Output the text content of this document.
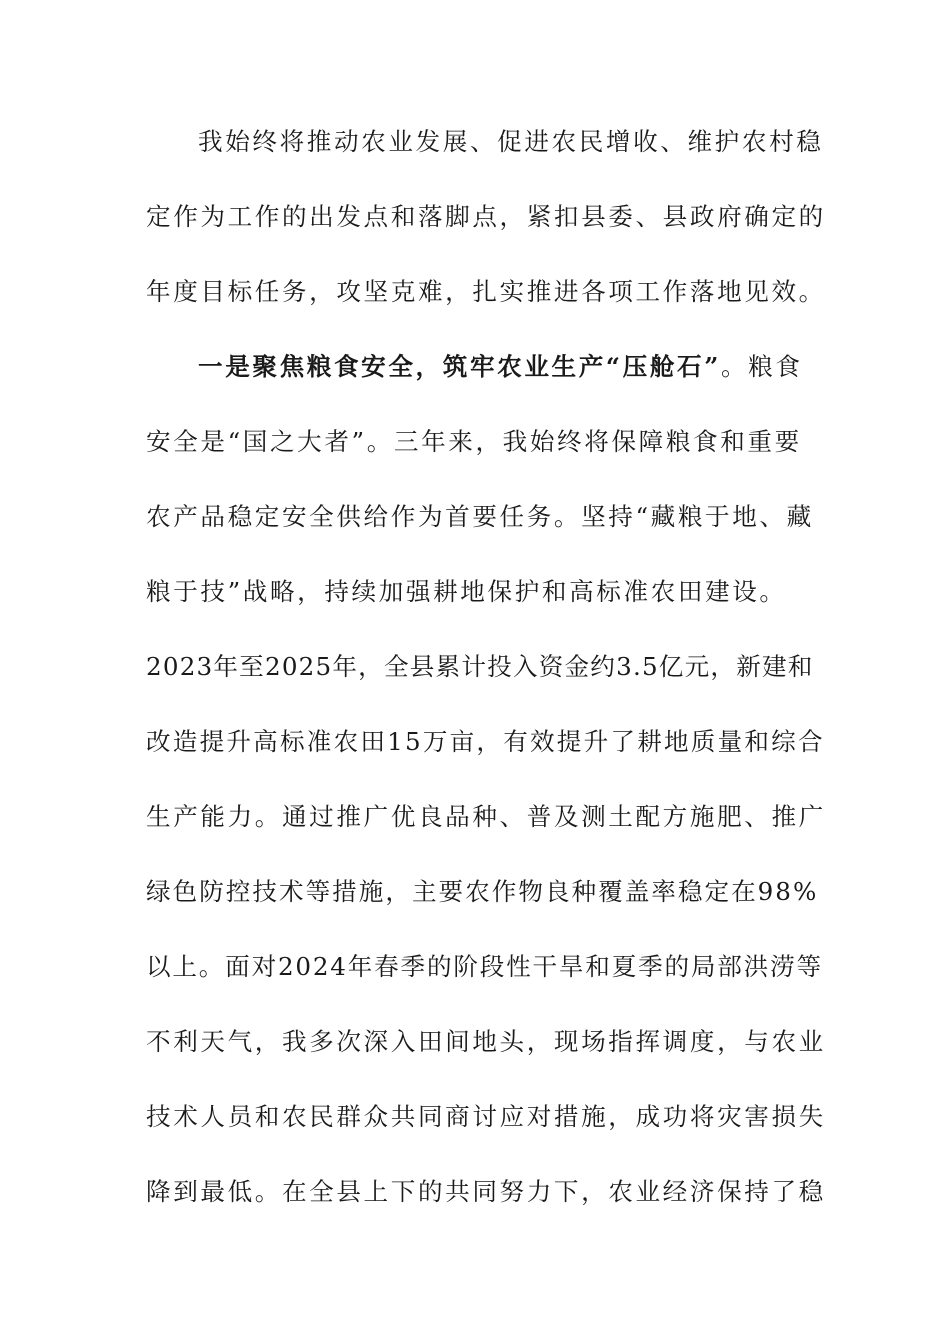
我始终将推动农业发展、促进农民增收、维护农村稳
定作为工作的出发点和落脚点，紧扣县委、县政府确定的
年度目标任务，攻坚克难，扎实推进各项工作落地见效。
一是聚焦粮食安全，筑牢农业生产“压舱石”。粮食
安全是“国之大者”。三年来，我始终将保障粮食和重要
农产品稳定安全供给作为首要任务。坚持“藏粮于地、藏
粮于技”战略，持续加强耕地保护和高标准农田建设。
2023年至2025年，全县累计投入资金约3.5亿元，新建和
改造提升高标准农田15万亩，有效提升了耕地质量和综合
生产能力。通过推广优良品种、普及测土配方施肥、推广
绿色防控技术等措施，主要农作物良种覆盖率稳定在98%
以上。面对2024年春季的阶段性干旱和夏季的局部洪涝等
不利天气，我多次深入田间地头，现场指挥调度，与农业
技术人员和农民群众共同商讨应对措施，成功将灾害损失
降到最低。在全县上下的共同努力下，农业经济保持了稳
